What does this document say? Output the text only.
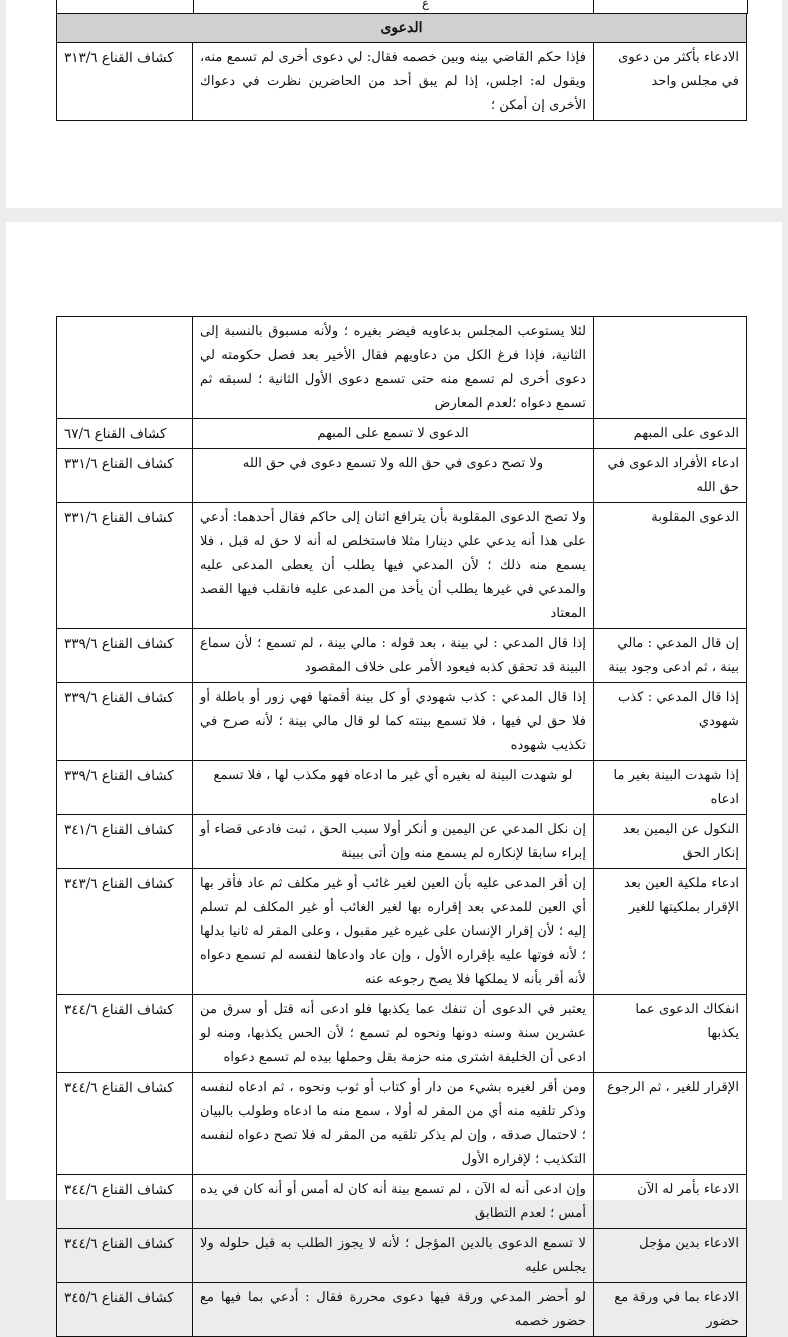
ع
الدعوى
الادعاء بأكثر من دعوى في مجلس واحد	فإذا حكم القاضي بينه وبين خصمه فقال: لي دعوى أخرى لم تسمع منه، ويقول له: اجلس، إذا لم يبق أحد من الحاضرين نظرت في دعواك الأخرى إن أمكن ؛	كشاف القناع ٣١٣/٦
	لئلا يستوعب المجلس بدعاويه فيضر بغيره ؛ ولأنه مسبوق بالنسبة إلى الثانية، فإذا فرغ الكل من دعاويهم فقال الأخير بعد فصل حكومته لي دعوى أخرى لم تسمع منه حتى تسمع دعوى الأول الثانية ؛ لسبقه ثم تسمع دعواه ؛لعدم المعارض	
الدعوى على المبهم	الدعوى لا تسمع على المبهم	كشاف القناع ٦٧/٦
ادعاء الأفراد الدعوى في حق الله	ولا تصح دعوى في حق الله ولا تسمع دعوى في حق الله	كشاف القناع ٣٣١/٦
الدعوى المقلوبة	ولا تصح الدعوى المقلوبة بأن يترافع اثنان إلى حاكم فقال أحدهما: أدعي على هذا أنه يدعي علي دينارا مثلا فاستخلص له أنه لا حق له قبل ، فلا يسمع منه ذلك ؛ لأن المدعي فيها يطلب أن يعطى المدعى عليه والمدعي في غيرها يطلب أن يأخذ من المدعى عليه فانقلب فيها القصد المعتاد	كشاف القناع ٣٣١/٦
إن قال المدعي : مالي بينة ، ثم ادعى وجود بينة	إذا قال المدعي : لي بينة ، بعد قوله : مالي بينة ، لم تسمع ؛ لأن سماع البينة قد تحقق كذبه فيعود الأمر على خلاف المقصود	كشاف القناع ٣٣٩/٦
إذا قال المدعي : كذب شهودي	إذا قال المدعي : كذب شهودي أو كل بينة أقمتها فهي زور أو باطلة أو فلا حق لي فيها ، فلا تسمع بينته كما لو قال مالي بينة ؛ لأنه صرح في تكذيب شهوده	كشاف القناع ٣٣٩/٦
إذا شهدت البينة بغير ما ادعاه	لو شهدت البينة له بغيره أي غير ما ادعاه فهو مكذب لها ، فلا تسمع	كشاف القناع ٣٣٩/٦
النكول عن اليمين بعد إنكار الحق	إن نكل المدعي عن اليمين و أنكر أولا سبب الحق ، ثبت فادعى قضاء أو إبراء سابقا لإنكاره لم يسمع منه وإن أتى ببينة	كشاف القناع ٣٤١/٦
ادعاء ملكية العين بعد الإقرار بملكيتها للغير	إن أقر المدعى عليه بأن العين لغير غائب أو غير مكلف ثم عاد فأقر بها أي العين للمدعي بعد إقراره بها لغير الغائب أو غير المكلف لم تسلم إليه ؛ لأن إقرار الإنسان على غيره غير مقبول ، وعلى المقر له ثانيا بدلها ؛ لأنه فوتها عليه بإقراره الأول ، وإن عاد وادعاها لنفسه لم تسمع دعواه لأنه أقر بأنه لا يملكها فلا يصح رجوعه عنه	كشاف القناع ٣٤٣/٦
انفكاك الدعوى عما يكذبها	يعتبر في الدعوى أن تنفك عما يكذبها فلو ادعى أنه قتل أو سرق من عشرين سنة وسنه دونها ونحوه لم تسمع ؛ لأن الحس يكذبها، ومنه لو ادعى أن الخليفة اشترى منه حزمة بقل وحملها بيده لم تسمع دعواه	كشاف القناع ٣٤٤/٦
الإقرار للغير ، ثم الرجوع	ومن أقر لغيره بشيء من دار أو كتاب أو ثوب ونحوه ، ثم ادعاه لنفسه وذكر تلقيه منه أي من المقر له أولا ، سمع منه ما ادعاه وطولب بالبيان ؛ لاحتمال صدقه ، وإن لم يذكر تلقيه من المقر له فلا تصح دعواه لنفسه التكذيب ؛ لإقراره الأول	كشاف القناع ٣٤٤/٦
الادعاء بأمر له الآن	وإن ادعى أنه له الآن ، لم تسمع بينة أنه كان له أمس أو أنه كان في يده أمس ؛ لعدم التطابق	كشاف القناع ٣٤٤/٦
الادعاء بدين مؤجل	لا تسمع الدعوى بالدين المؤجل ؛ لأنه لا يجوز الطلب به قبل حلوله ولا يجلس عليه	كشاف القناع ٣٤٤/٦
الادعاء بما في ورقة مع حضور	لو أحضر المدعي ورقة فيها دعوى محررة فقال : أدعي بما فيها مع حضور خصمه	كشاف القناع ٣٤٥/٦
